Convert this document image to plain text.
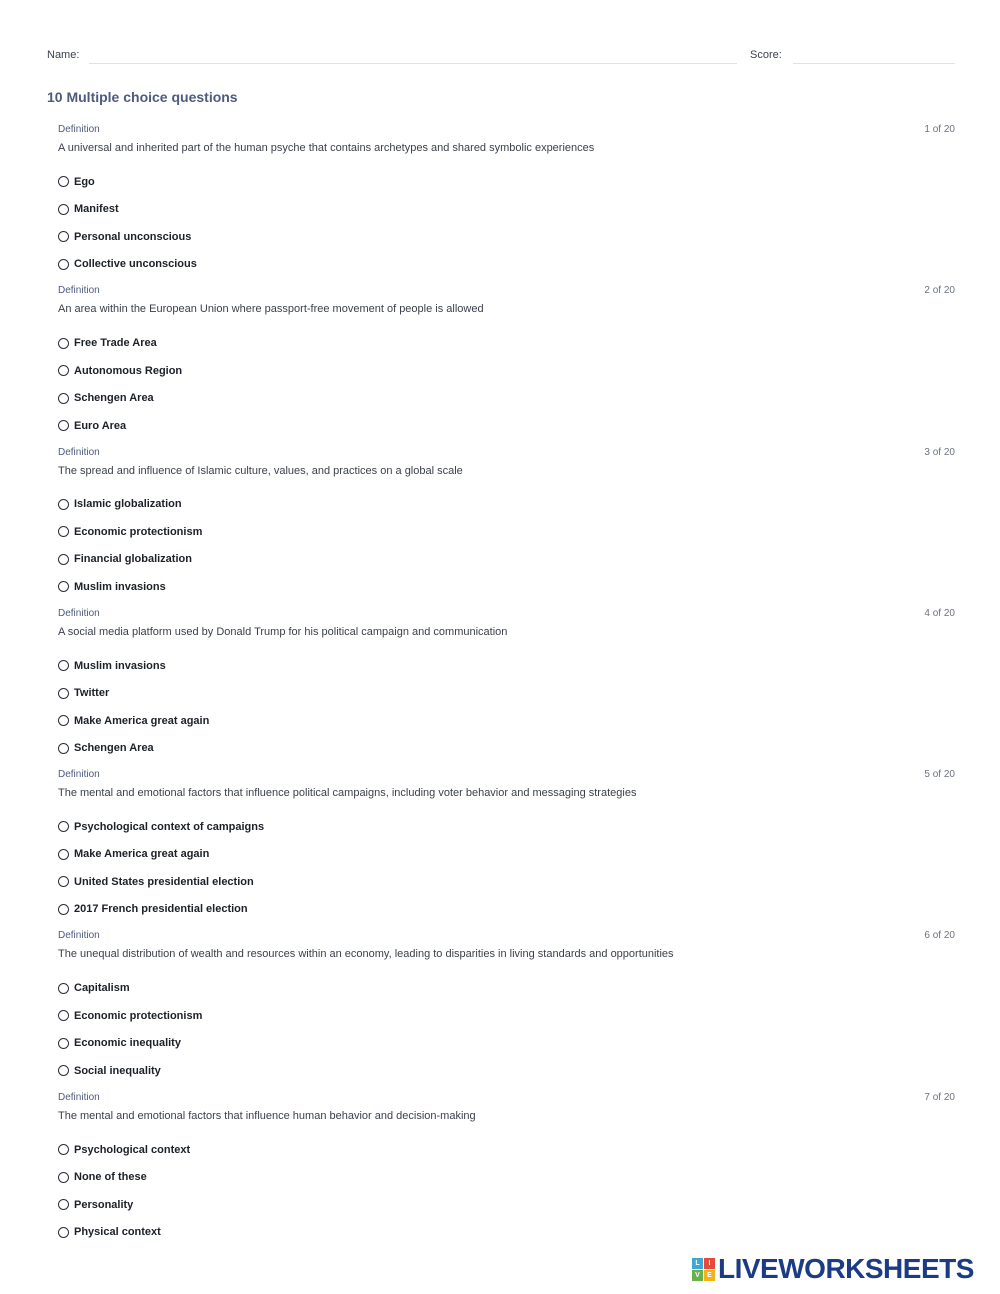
Name:	Score:
10 Multiple choice questions
Definition	1 of 20
A universal and inherited part of the human psyche that contains archetypes and shared symbolic experiences
Ego
Manifest
Personal unconscious
Collective unconscious
Definition	2 of 20
An area within the European Union where passport-free movement of people is allowed
Free Trade Area
Autonomous Region
Schengen Area
Euro Area
Definition	3 of 20
The spread and influence of Islamic culture, values, and practices on a global scale
Islamic globalization
Economic protectionism
Financial globalization
Muslim invasions
Definition	4 of 20
A social media platform used by Donald Trump for his political campaign and communication
Muslim invasions
Twitter
Make America great again
Schengen Area
Definition	5 of 20
The mental and emotional factors that influence political campaigns, including voter behavior and messaging strategies
Psychological context of campaigns
Make America great again
United States presidential election
2017 French presidential election
Definition	6 of 20
The unequal distribution of wealth and resources within an economy, leading to disparities in living standards and opportunities
Capitalism
Economic protectionism
Economic inequality
Social inequality
Definition	7 of 20
The mental and emotional factors that influence human behavior and decision-making
Psychological context
None of these
Personality
Physical context
L	I
V	E LIVEWORKSHEETS
